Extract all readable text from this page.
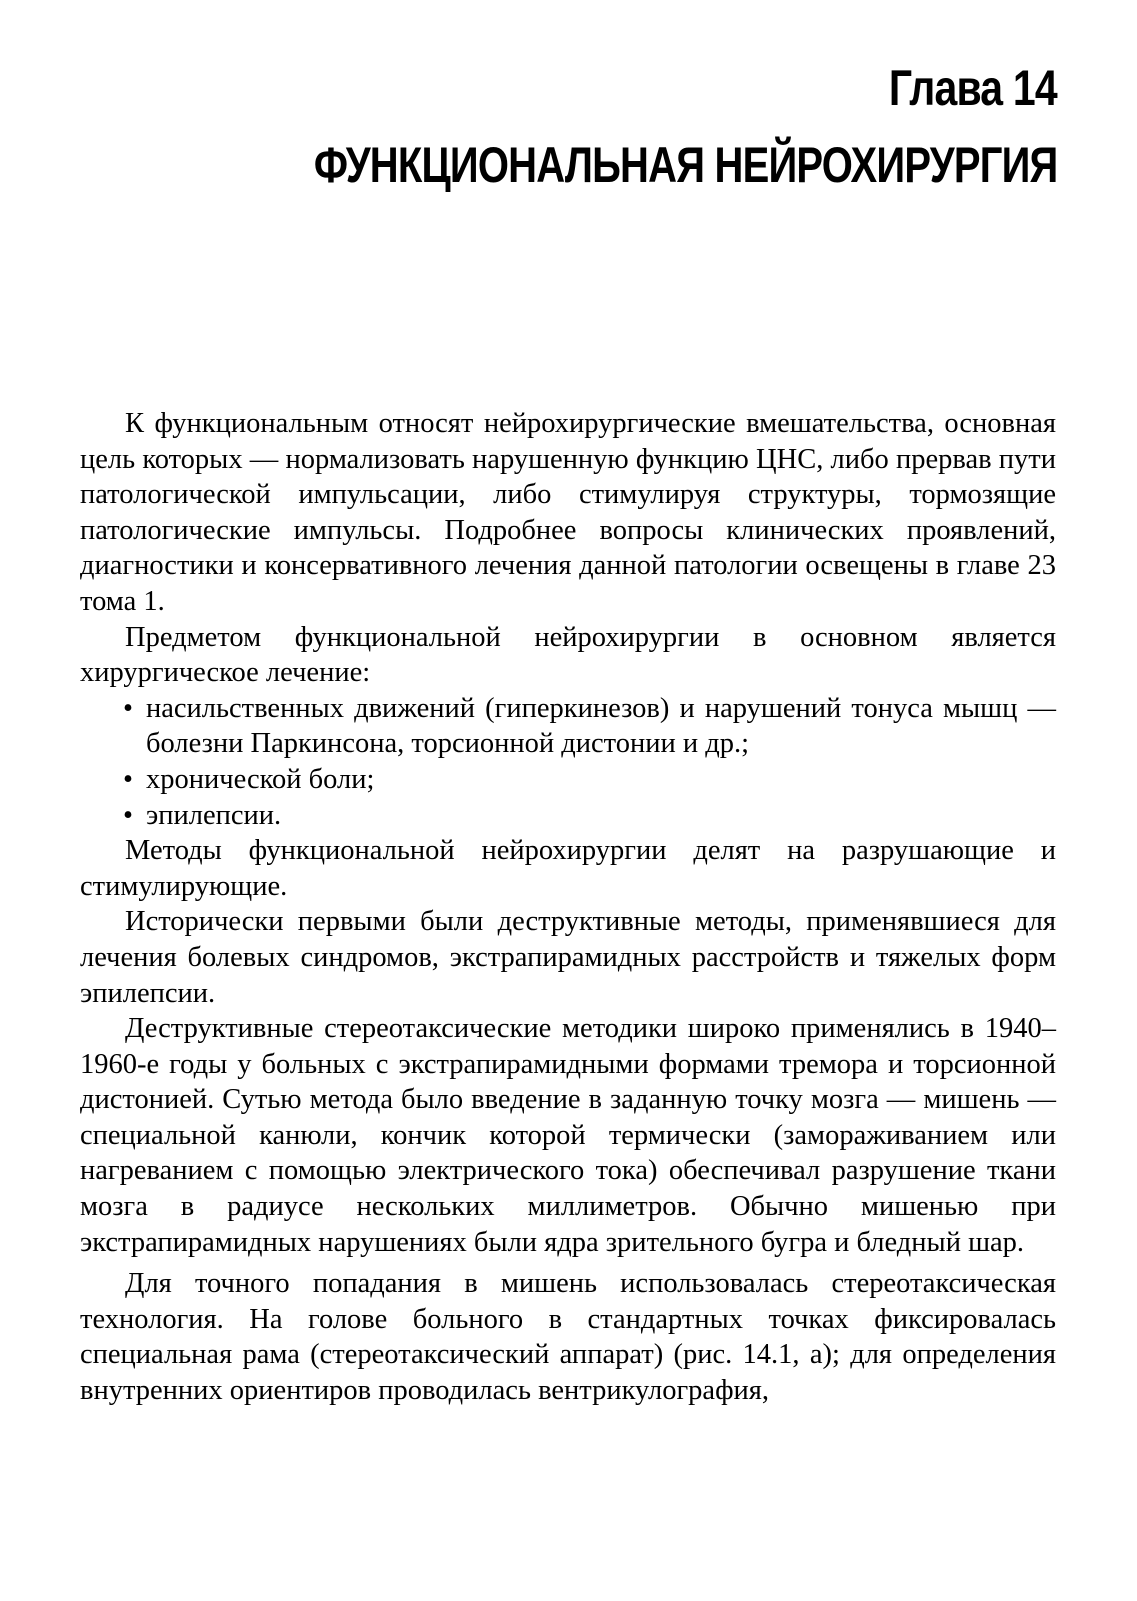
Глава 14
ФУНКЦИОНАЛЬНАЯ НЕЙРОХИРУРГИЯ

К функциональным относят нейрохирургические вмешательства, основная цель которых — нормализовать нарушенную функцию ЦНС, либо прервав пути патологической импульсации, либо стимулируя структуры, тормозящие патологические импульсы. Подробнее вопросы клинических проявлений, диагностики и консервативного лечения данной патологии освещены в главе 23 тома 1.

Предметом функциональной нейрохирургии в основном является хирургическое лечение:

• насильственных движений (гиперкинезов) и нарушений тонуса мышц — болезни Паркинсона, торсионной дистонии и др.;
• хронической боли;
• эпилепсии.

Методы функциональной нейрохирургии делят на разрушающие и стимулирующие.

Исторически первыми были деструктивные методы, применявшиеся для лечения болевых синдромов, экстрапирамидных расстройств и тяжелых форм эпилепсии.

Деструктивные стереотаксические методики широко применялись в 1940–1960-е годы у больных с экстрапирамидными формами тремора и торсионной дистонией. Сутью метода было введение в заданную точку мозга — мишень — специальной канюли, кончик которой термически (замораживанием или нагреванием с помощью электрического тока) обеспечивал разрушение ткани мозга в радиусе нескольких миллиметров. Обычно мишенью при экстрапирамидных нарушениях были ядра зрительного бугра и бледный шар.

Для точного попадания в мишень использовалась стереотаксическая технология. На голове больного в стандартных точках фиксировалась специальная рама (стереотаксический аппарат) (рис. 14.1, а); для определения внутренних ориентиров проводилась вентрикулография,
